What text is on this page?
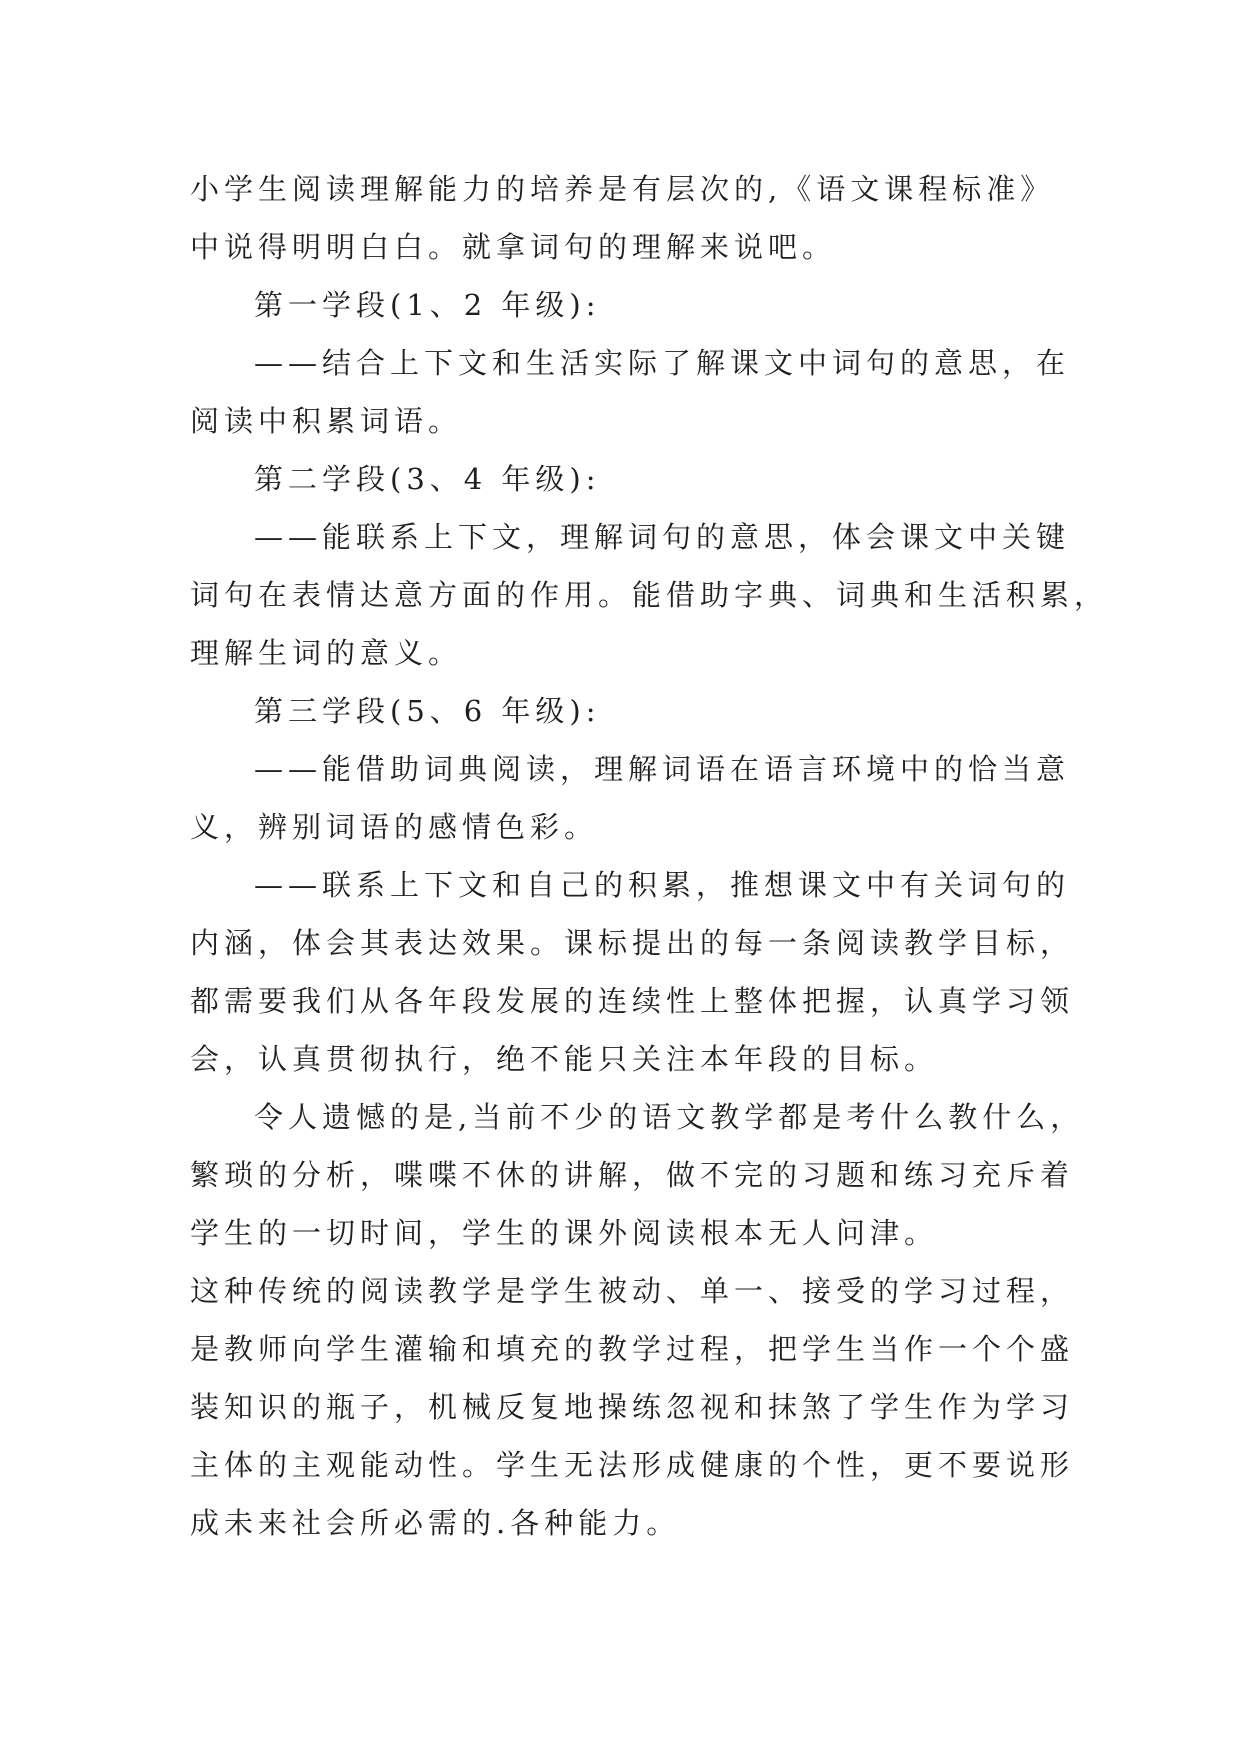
小学生阅读理解能力的培养是有层次的,《语文课程标准》
中说得明明白白。就拿词句的理解来说吧。
第一学段(1、2 年级):
——结合上下文和生活实际了解课文中词句的意思，在
阅读中积累词语。
第二学段(3、4 年级):
——能联系上下文，理解词句的意思，体会课文中关键
词句在表情达意方面的作用。能借助字典、词典和生活积累，
理解生词的意义。
第三学段(5、6 年级):
——能借助词典阅读，理解词语在语言环境中的恰当意
义，辨别词语的感情色彩。
——联系上下文和自己的积累，推想课文中有关词句的
内涵，体会其表达效果。课标提出的每一条阅读教学目标，
都需要我们从各年段发展的连续性上整体把握，认真学习领
会，认真贯彻执行，绝不能只关注本年段的目标。
令人遗憾的是,当前不少的语文教学都是考什么教什么，
繁琐的分析，喋喋不休的讲解，做不完的习题和练习充斥着
学生的一切时间，学生的课外阅读根本无人问津。
这种传统的阅读教学是学生被动、单一、接受的学习过程，
是教师向学生灌输和填充的教学过程，把学生当作一个个盛
装知识的瓶子，机械反复地操练忽视和抹煞了学生作为学习
主体的主观能动性。学生无法形成健康的个性，更不要说形
成未来社会所必需的.各种能力。
